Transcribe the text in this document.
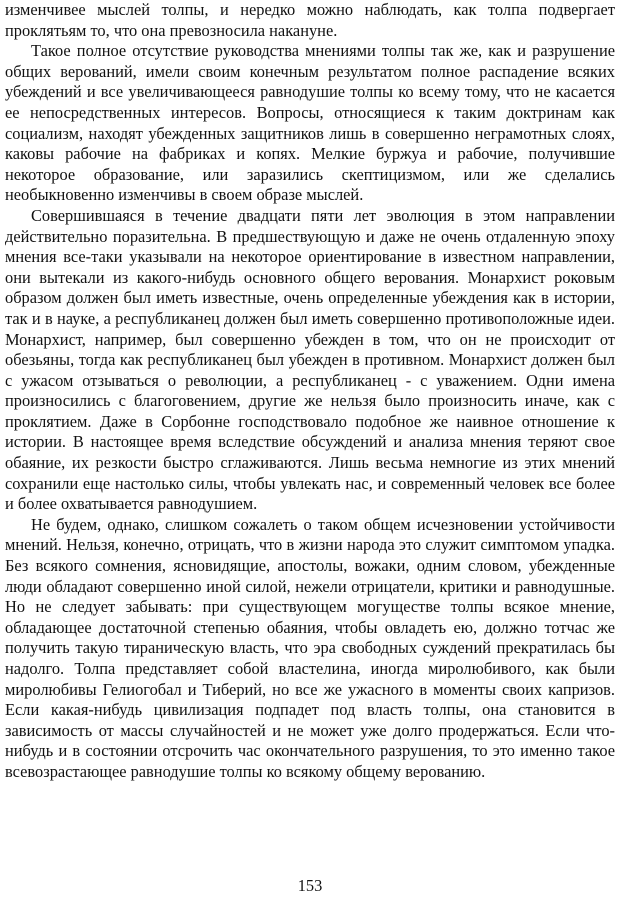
изменчивее мыслей толпы, и нередко можно наблюдать, как толпа подвергает проклятьям то, что она превозносила накануне.

Такое полное отсутствие руководства мнениями толпы так же, как и разрушение общих верований, имели своим конечным результатом полное распадение всяких убеждений и все увеличивающееся равнодушие толпы ко всему тому, что не касается ее непосредственных интересов. Вопросы, относящиеся к таким доктринам как социализм, находят убежденных защитников лишь в совершенно неграмотных слоях, каковы рабочие на фабриках и копях. Мелкие буржуа и рабочие, получившие некоторое образование, или заразились скептицизмом, или же сделались необыкновенно изменчивы в своем образе мыслей.

Совершившаяся в течение двадцати пяти лет эволюция в этом направлении действительно поразительна. В предшествующую и даже не очень отдаленную эпоху мнения все-таки указывали на некоторое ориентирование в известном направлении, они вытекали из какого-нибудь основного общего верования. Монархист роковым образом должен был иметь известные, очень определенные убеждения как в истории, так и в науке, а республиканец должен был иметь совершенно противоположные идеи. Монархист, например, был совершенно убежден в том, что он не происходит от обезьяны, тогда как республиканец был убежден в противном. Монархист должен был с ужасом отзываться о революции, а республиканец - с уважением. Одни имена произносились с благоговением, другие же нельзя было произносить иначе, как с проклятием. Даже в Сорбонне господствовало подобное же наивное отношение к истории. В настоящее время вследствие обсуждений и анализа мнения теряют свое обаяние, их резкости быстро сглаживаются. Лишь весьма немногие из этих мнений сохранили еще настолько силы, чтобы увлекать нас, и современный человек все более и более охватывается равнодушием.

Не будем, однако, слишком сожалеть о таком общем исчезновении устойчивости мнений. Нельзя, конечно, отрицать, что в жизни народа это служит симптомом упадка. Без всякого сомнения, ясновидящие, апостолы, вожаки, одним словом, убежденные люди обладают совершенно иной силой, нежели отрицатели, критики и равнодушные. Но не следует забывать: при существующем могуществе толпы всякое мнение, обладающее достаточной степенью обаяния, чтобы овладеть ею, должно тотчас же получить такую тираническую власть, что эра свободных суждений прекратилась бы надолго. Толпа представляет собой властелина, иногда миролюбивого, как были миролюбивы Гелиогобал и Тиберий, но все же ужасного в моменты своих капризов. Если какая-нибудь цивилизация подпадет под власть толпы, она становится в зависимость от массы случайностей и не может уже долго продержаться. Если что-нибудь и в состоянии отсрочить час окончательного разрушения, то это именно такое всевозрастающее равнодушие толпы ко всякому общему верованию.

153
